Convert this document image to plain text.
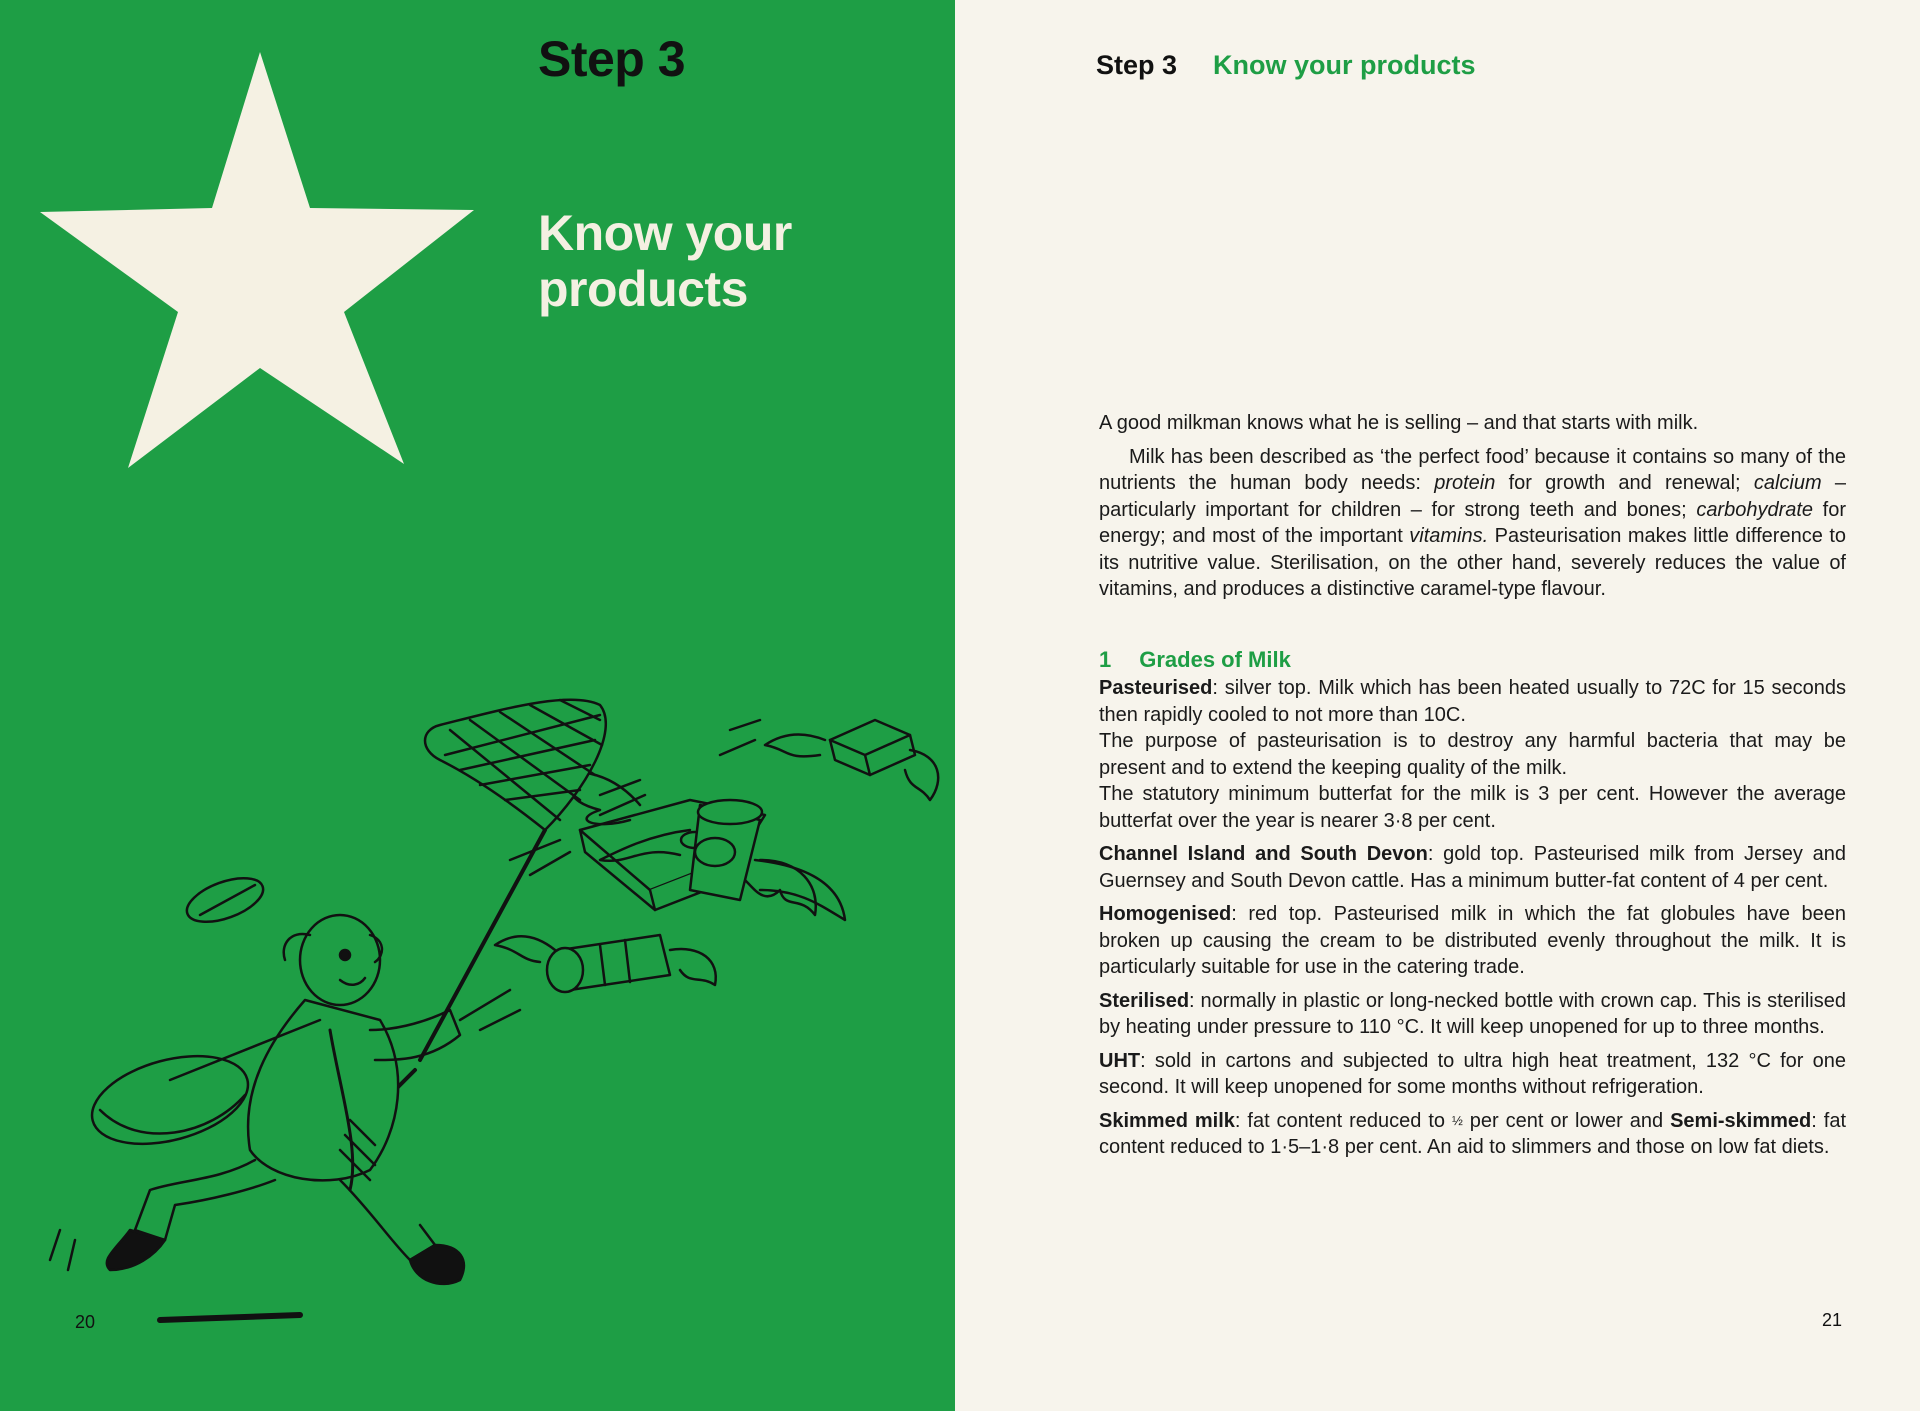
Step 3
Know your
products
20
Step 3 Know your products

A good milkman knows what he is selling – and that starts with milk.

Milk has been described as ‘the perfect food’ because it contains so many of the nutrients the human body needs: protein for growth and renewal; calcium – particularly important for children – for strong teeth and bones; carbohydrate for energy; and most of the important vitamins. Pasteurisation makes little difference to its nutritive value. Sterilisation, on the other hand, severely reduces the value of vitamins, and produces a distinctive caramel-type flavour.

1 Grades of Milk

Pasteurised: silver top. Milk which has been heated usually to 72C for 15 seconds then rapidly cooled to not more than 10C.

The purpose of pasteurisation is to destroy any harmful bacteria that may be present and to extend the keeping quality of the milk.

The statutory minimum butterfat for the milk is 3 per cent. However the average butterfat over the year is nearer 3·8 per cent.

Channel Island and South Devon: gold top. Pasteurised milk from Jersey and Guernsey and South Devon cattle. Has a minimum butter-fat content of 4 per cent.

Homogenised: red top. Pasteurised milk in which the fat globules have been broken up causing the cream to be distributed evenly throughout the milk. It is particularly suitable for use in the catering trade.

Sterilised: normally in plastic or long-necked bottle with crown cap. This is sterilised by heating under pressure to 110 °C. It will keep unopened for up to three months.

UHT: sold in cartons and subjected to ultra high heat treatment, 132 °C for one second. It will keep unopened for some months without refrigeration.

Skimmed milk: fat content reduced to ½ per cent or lower and Semi-skimmed: fat content reduced to 1·5–1·8 per cent. An aid to slimmers and those on low fat diets.

21
